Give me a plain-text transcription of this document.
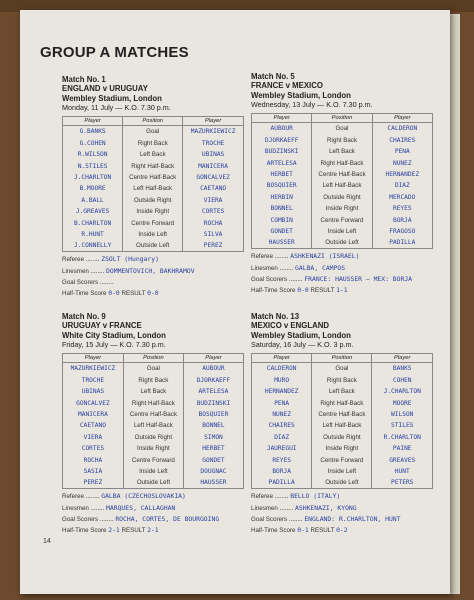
GROUP A MATCHES
Match No. 1
ENGLAND v URUGUAY
Wembley Stadium, London
Monday, 11 July — K.O. 7.30 p.m.
Player	Position	Player
G.BANKS	Goal	MAZURKIEWICZ
G.COHEN	Right Back	TROCHE
R.WILSON	Left Back	UBINAS
N.STILES	Right Half-Back	MANICERA
J.CHARLTON	Centre Half-Back	GONCALVEZ
B.MOORE	Left Half-Back	CAETANO
A.BALL	Outside Right	VIERA
J.GREAVES	Inside Right	CORTES
B.CHARLTON	Centre Forward	ROCHA
R.HUNT	Inside Left	SILVA
J.CONNELLY	Outside Left	PEREZ
Referee ........ ZSOLT (Hungary)
Linesmen ........ DOMMENTOVICH, BAKHRAMOV
Goal Scorers ........
Half-Time Score 0-0 RESULT 0-0
Match No. 5
FRANCE v MEXICO
Wembley Stadium, London
Wednesday, 13 July — K.O. 7.30 p.m.
Player	Position	Player
AUBOUR	Goal	CALDERON
DJORKAEFF	Right Back	CHAIRES
BUDZINSKI	Left Back	PENA
ARTELESA	Right Half-Back	NUNEZ
HERBET	Centre Half-Back	HERNANDEZ
BOSQUIER	Left Half-Back	DIAZ
HERBIN	Outside Right	MERCADO
BONNEL	Inside Right	REYES
COMBIN	Centre Forward	BORJA
GONDET	Inside Left	FRAGOSO
HAUSSER	Outside Left	PADILLA
Referee ........ ASHKENAZI (ISRAEL)
Linesmen ........ GALBA, CAMPOS
Goal Scorers ........ FRANCE: HAUSSER — MEX: BORJA
Half-Time Score 0-0 RESULT 1-1
Match No. 9
URUGUAY v FRANCE
White City Stadium, London
Friday, 15 July — K.O. 7.30 p.m.
Player	Position	Player
MAZURKIEWICZ	Goal	AUBOUR
TROCHE	Right Back	DJORKAEFF
UBINAS	Left Back	ARTELESA
GONCALVEZ	Right Half-Back	BUDZINSKI
MANICERA	Centre Half-Back	BOSQUIER
CAETANO	Left Half-Back	BONNEL
VIERA	Outside Right	SIMON
CORTES	Inside Right	HERBET
ROCHA	Centre Forward	GONDET
SASIA	Inside Left	DOUGNAC
PEREZ	Outside Left	HAUSSER
Referee ........ GALBA (CZECHOSLOVAKIA)
Linesmen ........ MARQUES, CALLAGHAN
Goal Scorers ........ ROCHA, CORTES, DE BOURGOING
Half-Time Score 2-1 RESULT 2-1
Match No. 13
MEXICO v ENGLAND
Wembley Stadium, London
Saturday, 16 July — K.O. 3 p.m.
Player	Position	Player
CALDERON	Goal	BANKS
MURO	Right Back	COHEN
HERNANDEZ	Left Back	J.CHARLTON
PENA	Right Half-Back	MOORE
NUNEZ	Centre Half-Back	WILSON
CHAIRES	Left Half-Back	STILES
DIAZ	Outside Right	R.CHARLTON
JAUREGUI	Inside Right	PAINE
REYES	Centre Forward	GREAVES
BORJA	Inside Left	HUNT
PADILLA	Outside Left	PETERS
Referee ........ BELLO (ITALY)
Linesmen ........ ASHKENAZI, KYONG
Goal Scorers ........ ENGLAND: R.CHARLTON, HUNT
Half-Time Score 0-1 RESULT 0-2
14
